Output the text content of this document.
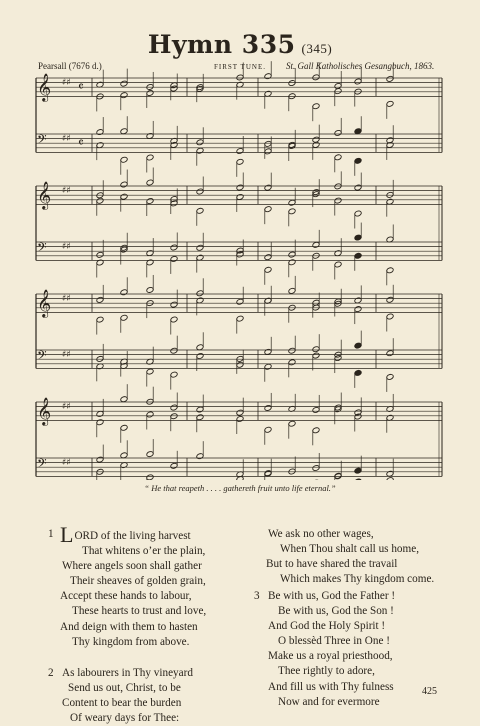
Hymn 335 (345)
Pearsall (7676 d.)	FIRST TUNE. St. Gall Katholisches Gesangbuch, 1863.
𝄞 ♯♯ 𝄴
𝄢 ♯♯ 𝄴
𝄞 ♯♯
𝄢 ♯♯
𝄞 ♯♯
𝄢 ♯♯
𝄞 ♯♯
𝄢 ♯♯
“ He that reapeth . . . . gathereth fruit unto life eternal.”
1 LORD of the living harvest
That whitens o’er the plain,
Where angels soon shall gather
Their sheaves of golden grain,
Accept these hands to labour,
These hearts to trust and love,
And deign with them to hasten
Thy kingdom from above.
2 As labourers in Thy vineyard
Send us out, Christ, to be
Content to bear the burden
Of weary days for Thee:
We ask no other wages,
When Thou shalt call us home,
But to have shared the travail
Which makes Thy kingdom come.
3 Be with us, God the Father !
Be with us, God the Son !
And God the Holy Spirit !
O blessèd Three in One !
Make us a royal priesthood,
Thee rightly to adore,
And fill us with Thy fulness
Now and for evermore
425
